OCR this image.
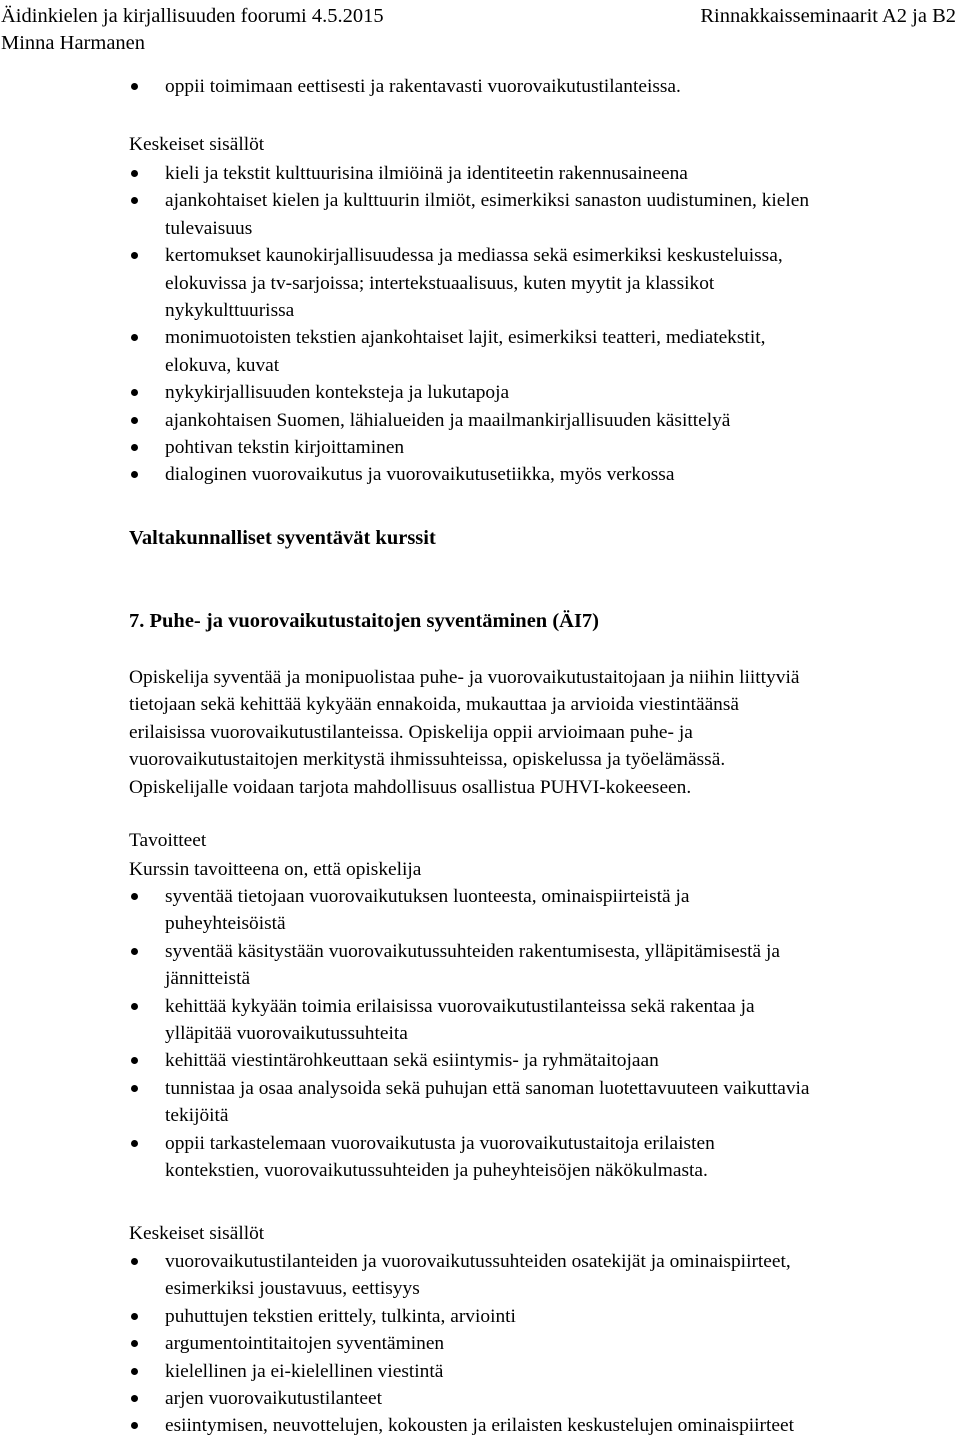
Äidinkielen ja kirjallisuuden foorumi 4.5.2015
Minna Harmanen
Rinnakkaisseminaarit A2 ja B2
oppii toimimaan eettisesti ja rakentavasti vuorovaikutustilanteissa.
Keskeiset sisällöt
kieli ja tekstit kulttuurisina ilmiöinä ja identiteetin rakennusaineena
ajankohtaiset kielen ja kulttuurin ilmiöt, esimerkiksi sanaston uudistuminen, kielen
tulevaisuus
kertomukset kaunokirjallisuudessa ja mediassa sekä esimerkiksi keskusteluissa,
elokuvissa ja tv-sarjoissa; intertekstuaalisuus, kuten myytit ja klassikot
nykykulttuurissa
monimuotoisten tekstien ajankohtaiset lajit, esimerkiksi teatteri, mediatekstit,
elokuva, kuvat
nykykirjallisuuden konteksteja ja lukutapoja
ajankohtaisen Suomen, lähialueiden ja maailmankirjallisuuden käsittelyä
pohtivan tekstin kirjoittaminen
dialoginen vuorovaikutus ja vuorovaikutusetiikka, myös verkossa
Valtakunnalliset syventävät kurssit
7. Puhe- ja vuorovaikutustaitojen syventäminen (ÄI7)
Opiskelija syventää ja monipuolistaa puhe- ja vuorovaikutustaitojaan ja niihin liittyviä
tietojaan sekä kehittää kykyään ennakoida, mukauttaa ja arvioida viestintäänsä
erilaisissa vuorovaikutustilanteissa. Opiskelija oppii arvioimaan puhe- ja
vuorovaikutustaitojen merkitystä ihmissuhteissa, opiskelussa ja työelämässä.
Opiskelijalle voidaan tarjota mahdollisuus osallistua PUHVI-kokeeseen.
Tavoitteet
Kurssin tavoitteena on, että opiskelija
syventää tietojaan vuorovaikutuksen luonteesta, ominaispiirteistä ja
puheyhteisöistä
syventää käsitystään vuorovaikutussuhteiden rakentumisesta, ylläpitämisestä ja
jännitteistä
kehittää kykyään toimia erilaisissa vuorovaikutustilanteissa sekä rakentaa ja
ylläpitää vuorovaikutussuhteita
kehittää viestintärohkeuttaan sekä esiintymis- ja ryhmätaitojaan
tunnistaa ja osaa analysoida sekä puhujan että sanoman luotettavuuteen vaikuttavia
tekijöitä
oppii tarkastelemaan vuorovaikutusta ja vuorovaikutustaitoja erilaisten
kontekstien, vuorovaikutussuhteiden ja puheyhteisöjen näkökulmasta.
Keskeiset sisällöt
vuorovaikutustilanteiden ja vuorovaikutussuhteiden osatekijät ja ominaispiirteet,
esimerkiksi joustavuus, eettisyys
puhuttujen tekstien erittely, tulkinta, arviointi
argumentointitaitojen syventäminen
kielellinen ja ei-kielellinen viestintä
arjen vuorovaikutustilanteet
esiintymisen, neuvottelujen, kokousten ja erilaisten keskustelujen ominaispiirteet
